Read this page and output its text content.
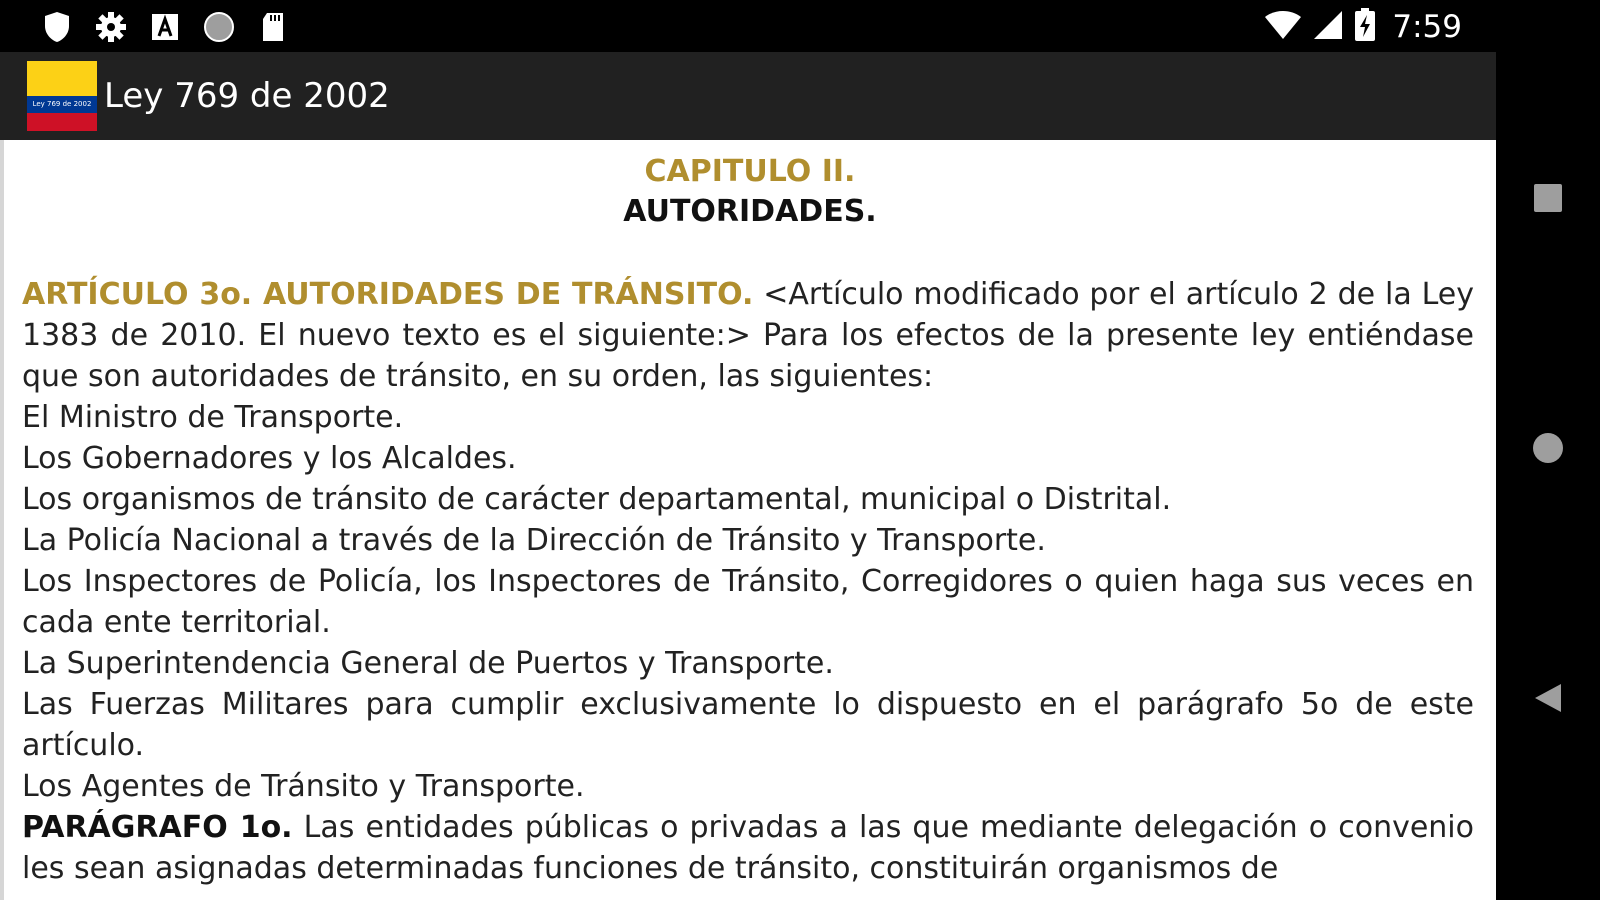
7:59
Ley 769 de 2002 Ley 769 de 2002
CAPITULO II.
AUTORIDADES.

ARTÍCULO 3o. AUTORIDADES DE TRÁNSITO. <Artículo modificado por el artículo 2 de la Ley 1383 de 2010. El nuevo texto es el siguiente:> Para los efectos de la presente ley entiéndase que son autoridades de tránsito, en su orden, las siguientes:

El Ministro de Transporte.

Los Gobernadores y los Alcaldes.

Los organismos de tránsito de carácter departamental, municipal o Distrital.

La Policía Nacional a través de la Dirección de Tránsito y Transporte.

Los Inspectores de Policía, los Inspectores de Tránsito, Corregidores o quien haga sus veces en cada ente territorial.

La Superintendencia General de Puertos y Transporte.

Las Fuerzas Militares para cumplir exclusivamente lo dispuesto en el parágrafo 5o de este artículo.

Los Agentes de Tránsito y Transporte.

PARÁGRAFO 1o. Las entidades públicas o privadas a las que mediante delegación o convenio les sean asignadas determinadas funciones de tránsito, constituirán organismos de
